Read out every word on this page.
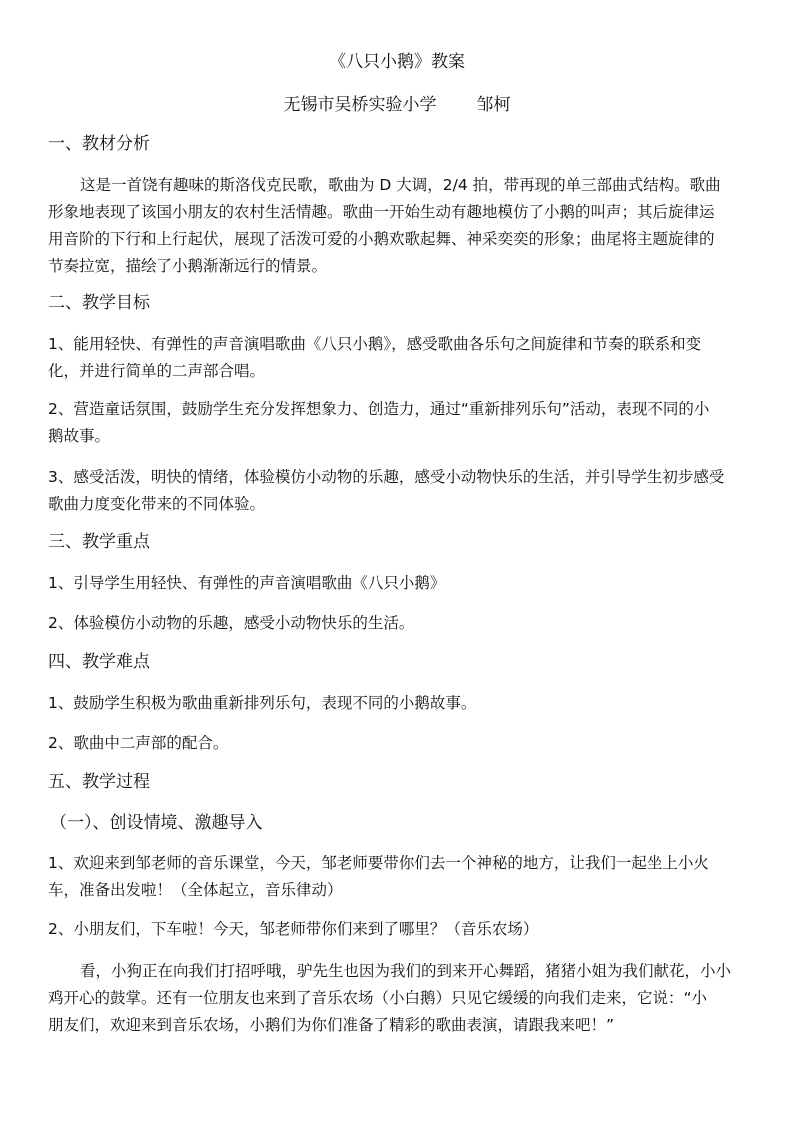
《八只小鹅》教案
无锡市吴桥实验小学 邹柯
一、教材分析
这是一首饶有趣味的斯洛伐克民歌，歌曲为 D 大调，2/4 拍，带再现的单三部曲式结构。歌曲
形象地表现了该国小朋友的农村生活情趣。歌曲一开始生动有趣地模仿了小鹅的叫声；其后旋律运
用音阶的下行和上行起伏，展现了活泼可爱的小鹅欢歌起舞、神采奕奕的形象；曲尾将主题旋律的
节奏拉宽，描绘了小鹅渐渐远行的情景。
二、教学目标
1、能用轻快、有弹性的声音演唱歌曲《八只小鹅》，感受歌曲各乐句之间旋律和节奏的联系和变
化，并进行简单的二声部合唱。
2、营造童话氛围，鼓励学生充分发挥想象力、创造力，通过“重新排列乐句”活动，表现不同的小
鹅故事。
3、感受活泼，明快的情绪，体验模仿小动物的乐趣，感受小动物快乐的生活，并引导学生初步感受
歌曲力度变化带来的不同体验。
三、教学重点
1、引导学生用轻快、有弹性的声音演唱歌曲《八只小鹅》
2、体验模仿小动物的乐趣，感受小动物快乐的生活。
四、教学难点
1、鼓励学生积极为歌曲重新排列乐句，表现不同的小鹅故事。
2、歌曲中二声部的配合。
五、教学过程
（一）、创设情境、激趣导入
1、欢迎来到邹老师的音乐课堂，今天，邹老师要带你们去一个神秘的地方，让我们一起坐上小火
车，准备出发啦！（全体起立，音乐律动）
2、小朋友们，下车啦！今天，邹老师带你们来到了哪里？（音乐农场）
看，小狗正在向我们打招呼哦，驴先生也因为我们的到来开心舞蹈，猪猪小姐为我们献花，小小
鸡开心的鼓掌。还有一位朋友也来到了音乐农场（小白鹅）只见它缓缓的向我们走来，它说：“小
朋友们，欢迎来到音乐农场，小鹅们为你们准备了精彩的歌曲表演，请跟我来吧！”
